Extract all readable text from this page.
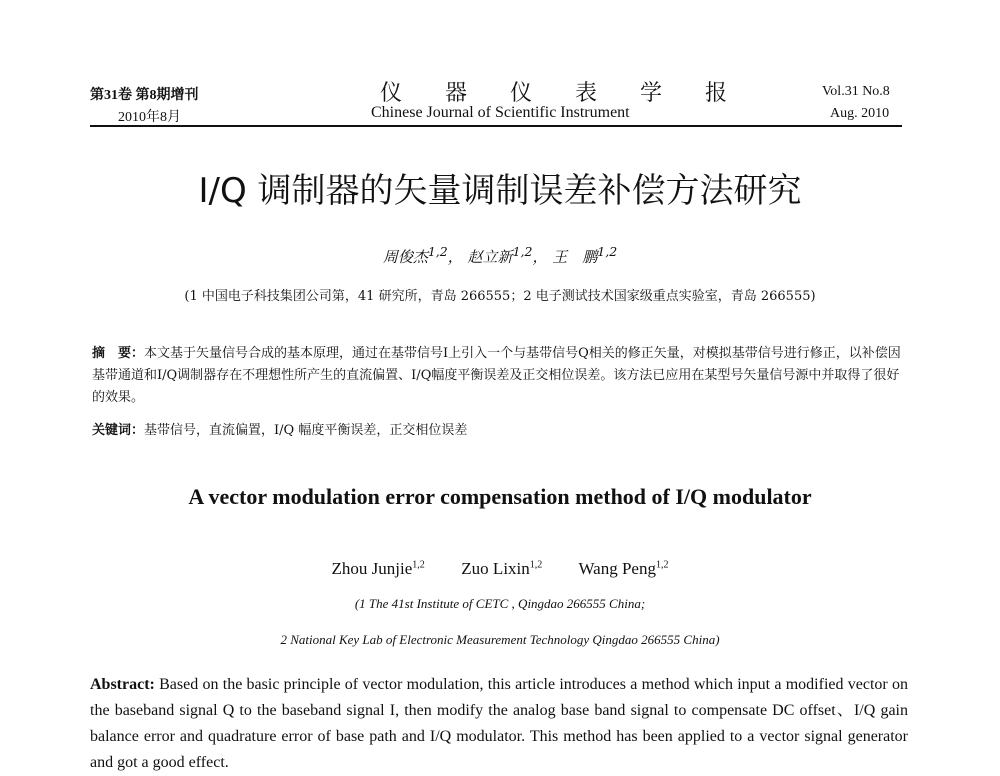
第31卷 第8期增刊
2010年8月
仪 器 仪 表 学 报
Chinese Journal of Scientific Instrument
Vol.31 No.8
Aug. 2010
I/Q 调制器的矢量调制误差补偿方法研究
周俊杰$^{1,2}$， 赵立新$^{1,2}$， 王　鹏$^{1,2}$
(1 中国电子科技集团公司第，41 研究所，青岛 266555；2 电子测试技术国家级重点实验室，青岛 266555)
摘　要：本文基于矢量信号合成的基本原理，通过在基带信号I上引入一个与基带信号Q相关的修正矢量，对模拟基带信号进行修正，以补偿因基带通道和I/Q调制器存在不理想性所产生的直流偏置、I/Q幅度平衡误差及正交相位误差。该方法已应用在某型号矢量信号源中并取得了很好的效果。
关键词：基带信号，直流偏置，I/Q 幅度平衡误差，正交相位误差
A vector modulation error compensation method of I/Q modulator
Zhou Junjie$^{1,2}$ Zuo Lixin$^{1,2}$ Wang Peng$^{1,2}$
(1 The 41st Institute of CETC , Qingdao 266555 China;
2 National Key Lab of Electronic Measurement Technology Qingdao 266555 China)
Abstract: Based on the basic principle of vector modulation, this article introduces a method which input a modified vector on the baseband signal Q to the baseband signal I, then modify the analog base band signal to compensate DC offset、I/Q gain balance error and quadrature error of base path and I/Q modulator. This method has been applied to a vector signal generator and got a good effect.
